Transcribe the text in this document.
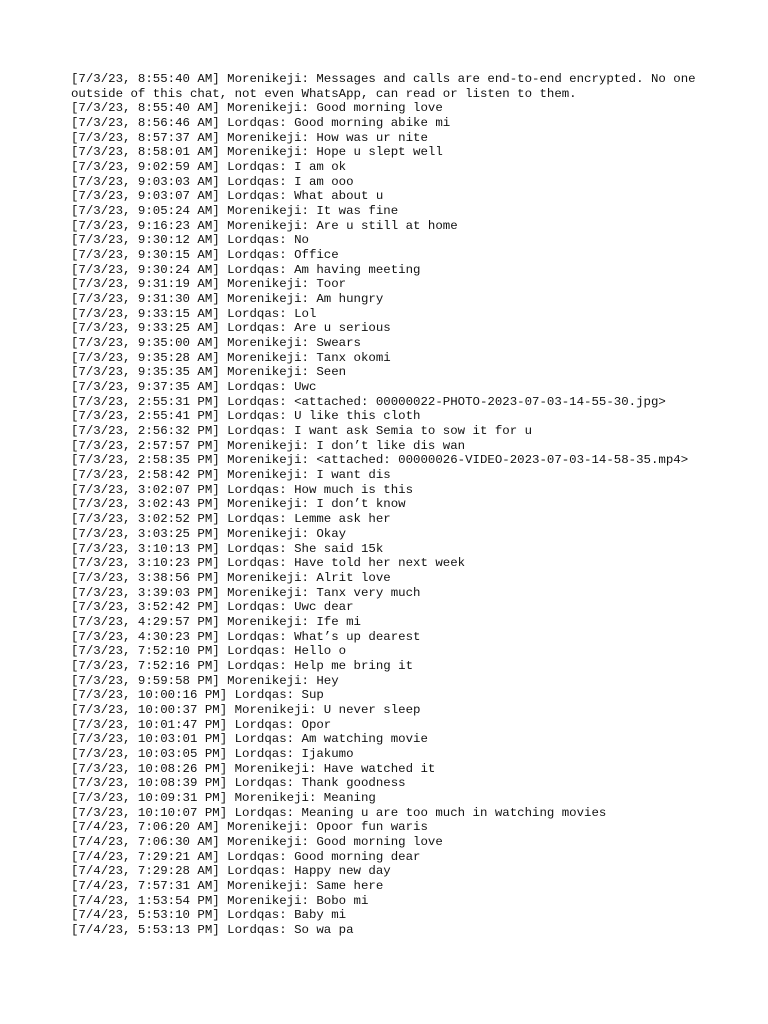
[7/3/23, 8:55:40 AM] Morenikeji: Messages and calls are end-to-end encrypted. No one outside of this chat, not even WhatsApp, can read or listen to them.

[7/3/23, 8:55:40 AM] Morenikeji: Good morning love

[7/3/23, 8:56:46 AM] Lordqas: Good morning abike mi

[7/3/23, 8:57:37 AM] Morenikeji: How was ur nite

[7/3/23, 8:58:01 AM] Morenikeji: Hope u slept well

[7/3/23, 9:02:59 AM] Lordqas: I am ok

[7/3/23, 9:03:03 AM] Lordqas: I am ooo

[7/3/23, 9:03:07 AM] Lordqas: What about u

[7/3/23, 9:05:24 AM] Morenikeji: It was fine

[7/3/23, 9:16:23 AM] Morenikeji: Are u still at home

[7/3/23, 9:30:12 AM] Lordqas: No

[7/3/23, 9:30:15 AM] Lordqas: Office

[7/3/23, 9:30:24 AM] Lordqas: Am having meeting

[7/3/23, 9:31:19 AM] Morenikeji: Toor

[7/3/23, 9:31:30 AM] Morenikeji: Am hungry

[7/3/23, 9:33:15 AM] Lordqas: Lol

[7/3/23, 9:33:25 AM] Lordqas: Are u serious

[7/3/23, 9:35:00 AM] Morenikeji: Swears

[7/3/23, 9:35:28 AM] Morenikeji: Tanx okomi

[7/3/23, 9:35:35 AM] Morenikeji: Seen

[7/3/23, 9:37:35 AM] Lordqas: Uwc

[7/3/23, 2:55:31 PM] Lordqas: <attached: 00000022-PHOTO-2023-07-03-14-55-30.jpg>

[7/3/23, 2:55:41 PM] Lordqas: U like this cloth

[7/3/23, 2:56:32 PM] Lordqas: I want ask Semia to sow it for u

[7/3/23, 2:57:57 PM] Morenikeji: I don’t like dis wan

[7/3/23, 2:58:35 PM] Morenikeji: <attached: 00000026-VIDEO-2023-07-03-14-58-35.mp4>

[7/3/23, 2:58:42 PM] Morenikeji: I want dis

[7/3/23, 3:02:07 PM] Lordqas: How much is this

[7/3/23, 3:02:43 PM] Morenikeji: I don’t know

[7/3/23, 3:02:52 PM] Lordqas: Lemme ask her

[7/3/23, 3:03:25 PM] Morenikeji: Okay

[7/3/23, 3:10:13 PM] Lordqas: She said 15k

[7/3/23, 3:10:23 PM] Lordqas: Have told her next week

[7/3/23, 3:38:56 PM] Morenikeji: Alrit love

[7/3/23, 3:39:03 PM] Morenikeji: Tanx very much

[7/3/23, 3:52:42 PM] Lordqas: Uwc dear

[7/3/23, 4:29:57 PM] Morenikeji: Ife mi

[7/3/23, 4:30:23 PM] Lordqas: What’s up dearest

[7/3/23, 7:52:10 PM] Lordqas: Hello o

[7/3/23, 7:52:16 PM] Lordqas: Help me bring it

[7/3/23, 9:59:58 PM] Morenikeji: Hey

[7/3/23, 10:00:16 PM] Lordqas: Sup

[7/3/23, 10:00:37 PM] Morenikeji: U never sleep

[7/3/23, 10:01:47 PM] Lordqas: Opor

[7/3/23, 10:03:01 PM] Lordqas: Am watching movie

[7/3/23, 10:03:05 PM] Lordqas: Ijakumo

[7/3/23, 10:08:26 PM] Morenikeji: Have watched it

[7/3/23, 10:08:39 PM] Lordqas: Thank goodness

[7/3/23, 10:09:31 PM] Morenikeji: Meaning

[7/3/23, 10:10:07 PM] Lordqas: Meaning u are too much in watching movies

[7/4/23, 7:06:20 AM] Morenikeji: Opoor fun waris

[7/4/23, 7:06:30 AM] Morenikeji: Good morning love

[7/4/23, 7:29:21 AM] Lordqas: Good morning dear

[7/4/23, 7:29:28 AM] Lordqas: Happy new day

[7/4/23, 7:57:31 AM] Morenikeji: Same here

[7/4/23, 1:53:54 PM] Morenikeji: Bobo mi

[7/4/23, 5:53:10 PM] Lordqas: Baby mi

[7/4/23, 5:53:13 PM] Lordqas: So wa pa
